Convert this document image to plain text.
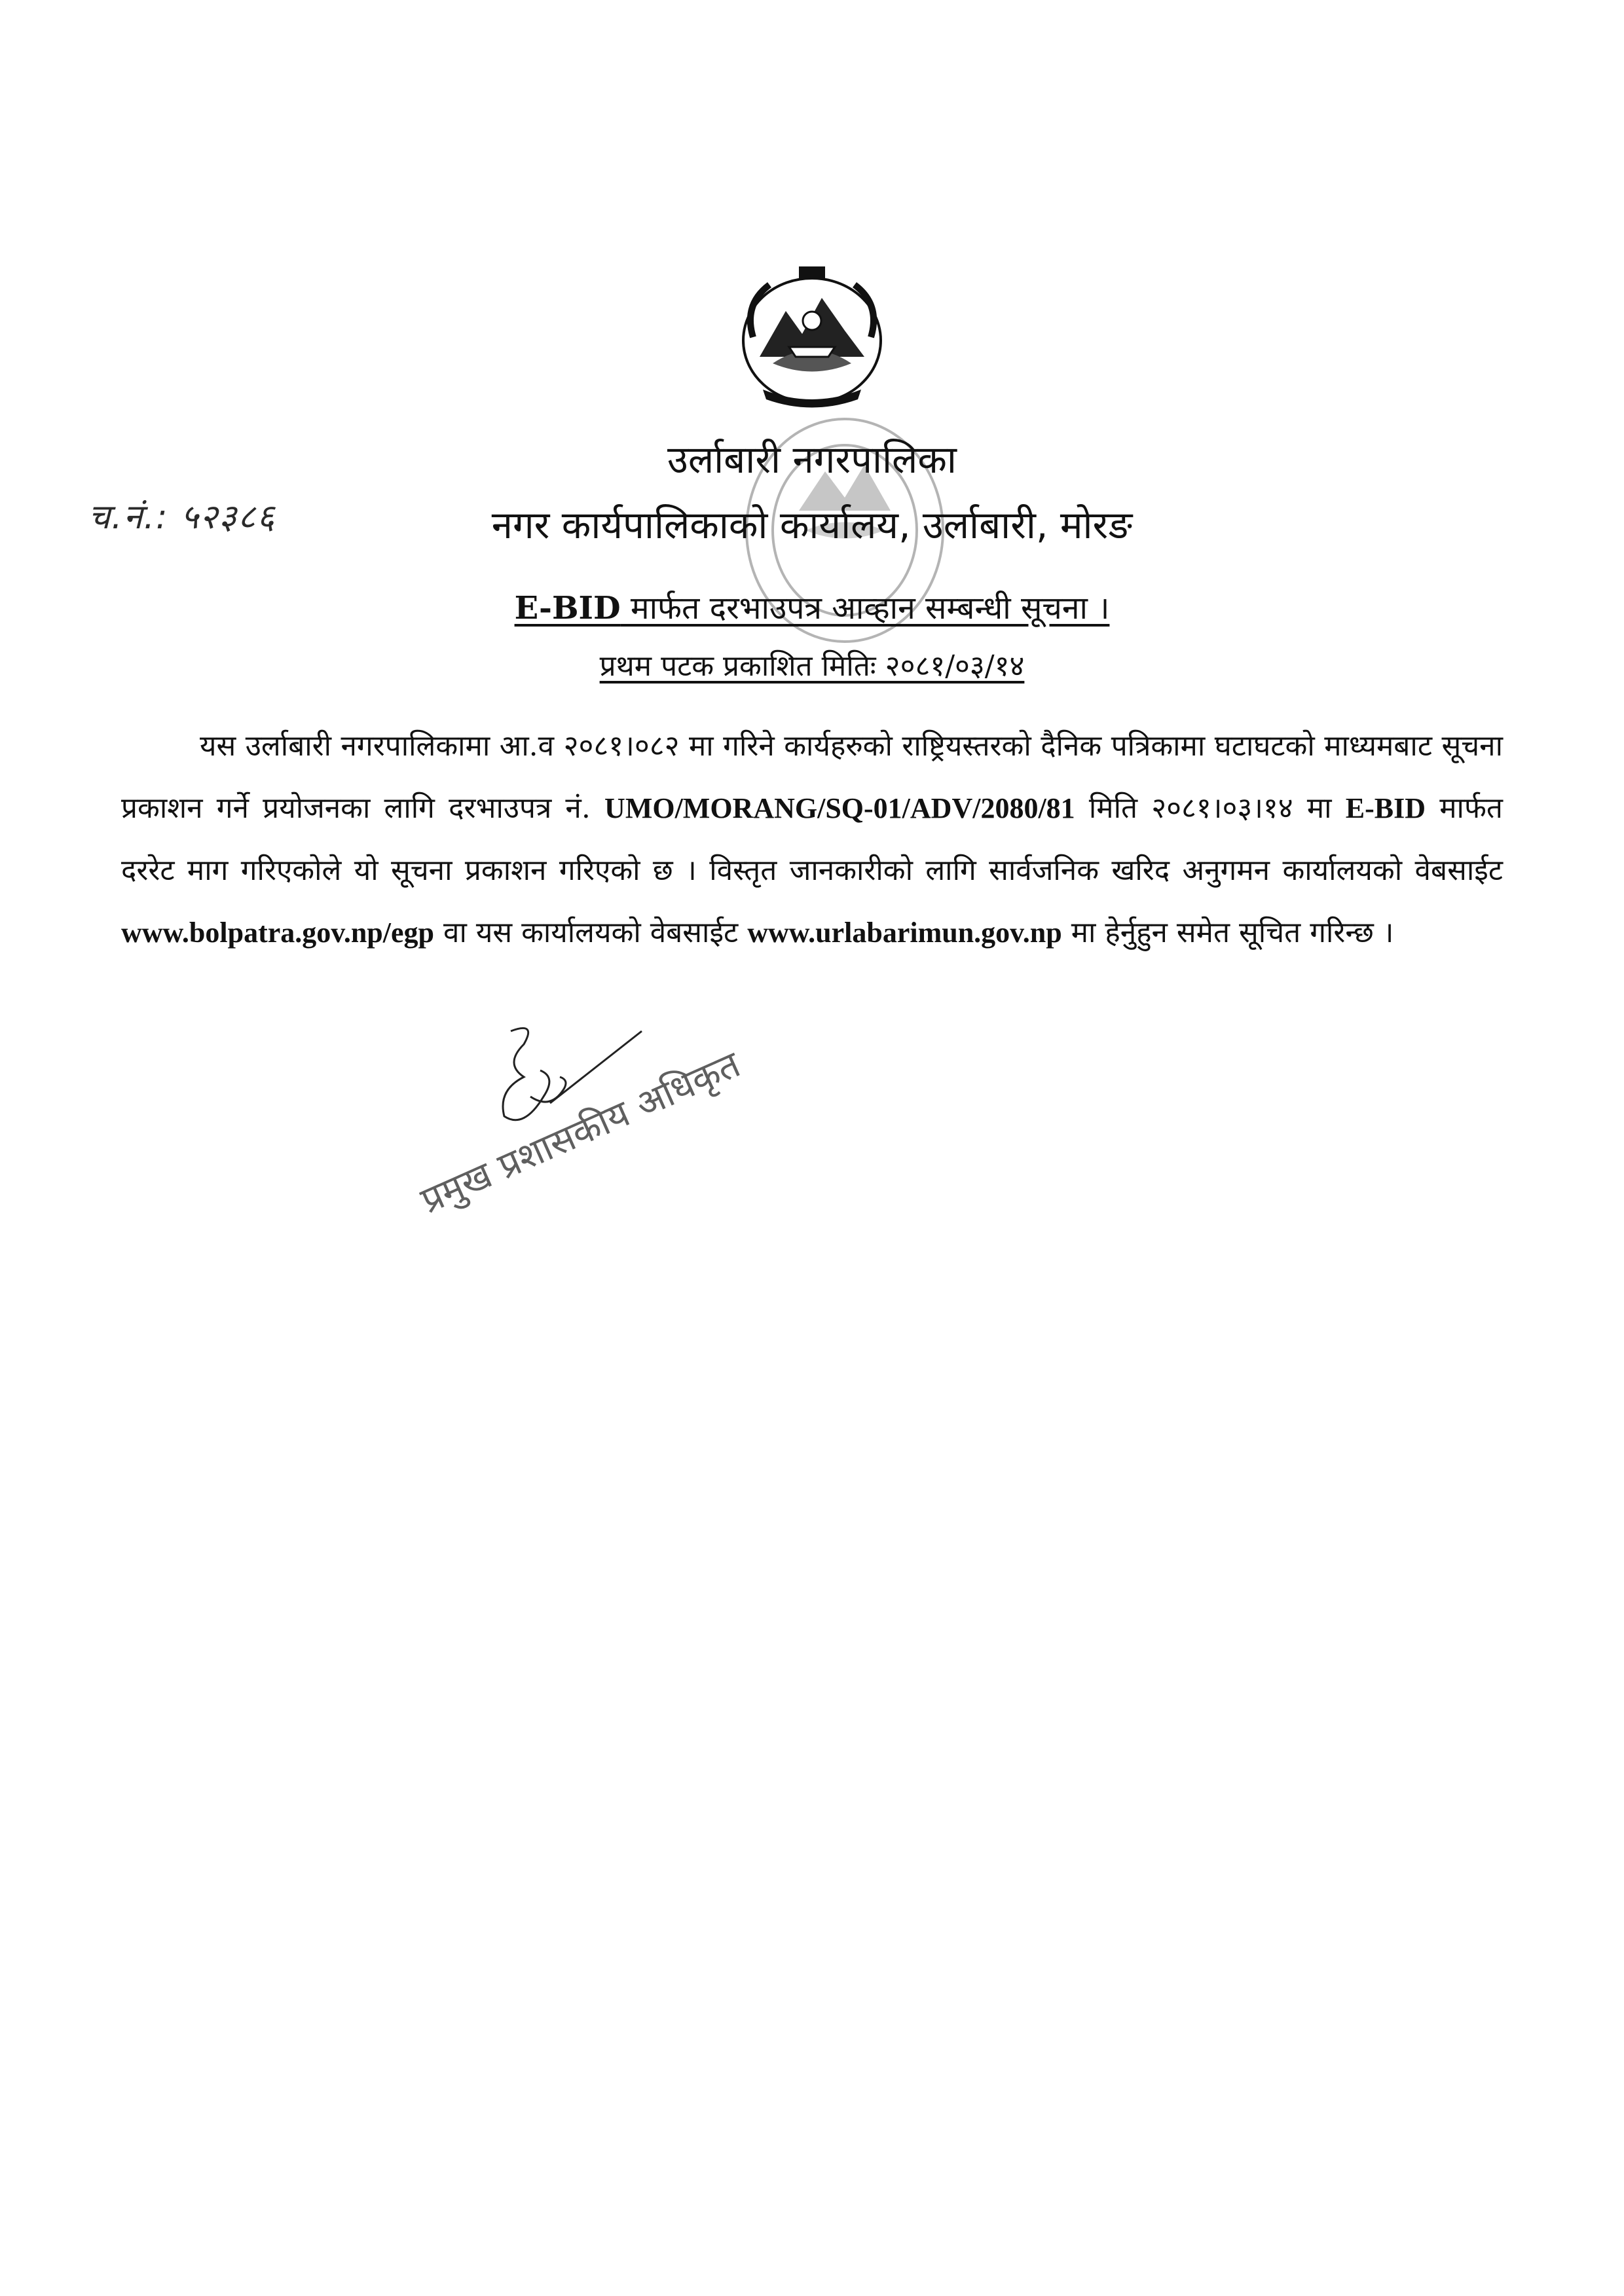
च.नं.: ५२३८६
उर्लाबारी नगरपालिका
नगर कार्यपालिकाको कार्यालय, उर्लाबारी, मोरङ
E-BID मार्फत दरभाउपत्र आव्हान सम्बन्धी सूचना ।
प्रथम पटक प्रकाशित मितिः २०८१/०३/१४
यस उर्लाबारी नगरपालिकामा आ.व २०८१।०८२ मा गरिने कार्यहरुको राष्ट्रियस्तरको दैनिक पत्रिकामा घटाघटको माध्यमबाट सूचना प्रकाशन गर्ने प्रयोजनका लागि दरभाउपत्र नं. UMO/MORANG/SQ-01/ADV/2080/81 मिति २०८१।०३।१४ मा E-BID मार्फत दररेट माग गरिएकोले यो सूचना प्रकाशन गरिएको छ । विस्तृत जानकारीको लागि सार्वजनिक खरिद अनुगमन कार्यालयको वेबसाईट www.bolpatra.gov.np/egp वा यस कार्यालयको वेबसाईट www.urlabarimun.gov.np मा हेर्नुहुन समेत सूचित गरिन्छ ।
प्रमुख प्रशासकीय अधिकृत
